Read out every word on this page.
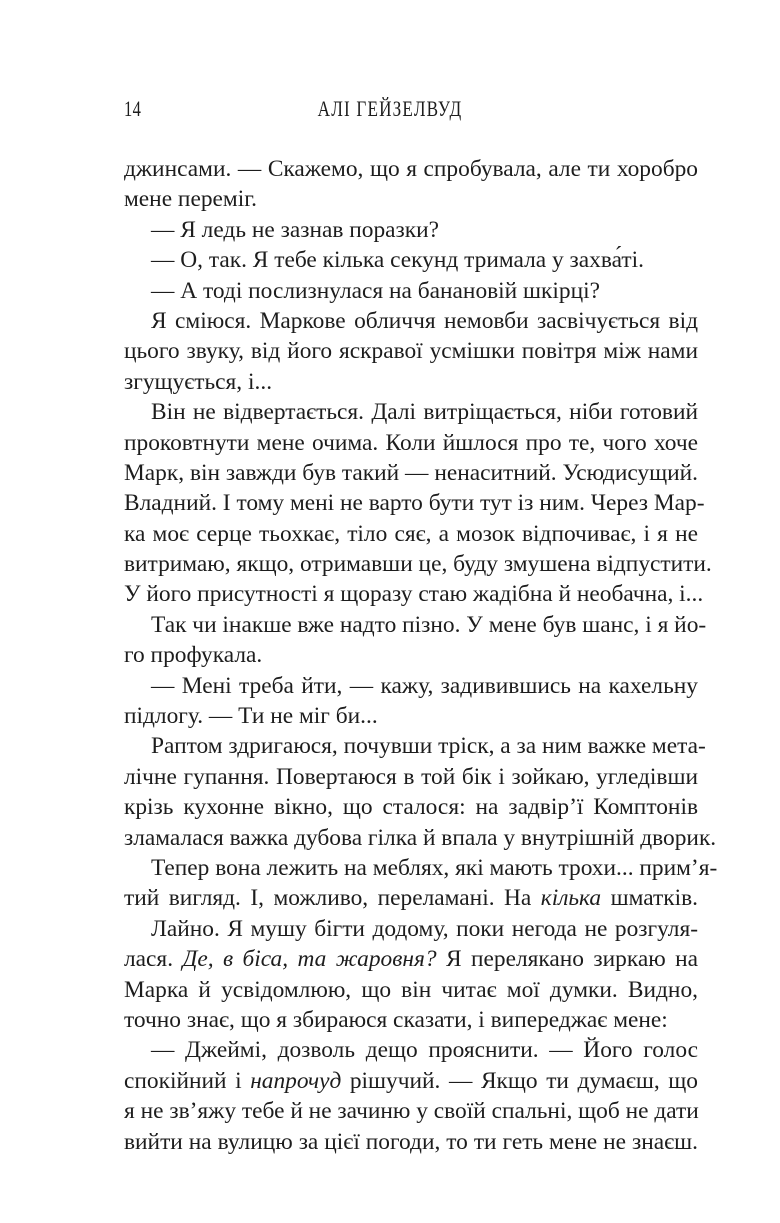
14	АЛІ ГЕЙЗЕЛВУД
джинсами. — Скажемо, що я спробувала, але ти хоробро
мене переміг.
— Я ледь не зазнав поразки?
— О, так. Я тебе кілька секунд тримала у захва́ті.
— А тоді послизнулася на банановій шкірці?
Я сміюся. Маркове обличчя немовби засвічується від
цього звуку, від його яскравої усмішки повітря між нами
згущується, і...
Він не відвертається. Далі витріщається, ніби готовий
проковтнути мене очима. Коли йшлося про те, чого хоче
Марк, він завжди був такий — ненаситний. Усюдисущий.
Владний. І тому мені не варто бути тут із ним. Через Мар-
ка моє серце тьохкає, тіло сяє, а мозок відпочиває, і я не
витримаю, якщо, отримавши це, буду змушена відпустити.
У його присутності я щоразу стаю жадібна й необачна, і...
Так чи інакше вже надто пізно. У мене був шанс, і я йо-
го профукала.
— Мені треба йти, — кажу, задивившись на кахельну
підлогу. — Ти не міг би...
Раптом здригаюся, почувши тріск, а за ним важке мета-
лічне гупання. Повертаюся в той бік і зойкаю, угледівши
крізь кухонне вікно, що сталося: на задвір’ї Комптонів
зламалася важка дубова гілка й впала у внутрішній дворик.
Тепер вона лежить на меблях, які мають трохи... прим’я-
тий вигляд. І, можливо, переламані. На кілька шматків.
Лайно. Я мушу бігти додому, поки негода не розгуля-
лася. Де, в біса, та жаровня? Я перелякано зиркаю на
Марка й усвідомлюю, що він читає мої думки. Видно,
точно знає, що я збираюся сказати, і випереджає мене:
— Джеймі, дозволь дещо прояснити. — Його голос
спокійний і напрочуд рішучий. — Якщо ти думаєш, що
я не зв’яжу тебе й не зачиню у своїй спальні, щоб не дати
вийти на вулицю за цієї погоди, то ти геть мене не знаєш.
